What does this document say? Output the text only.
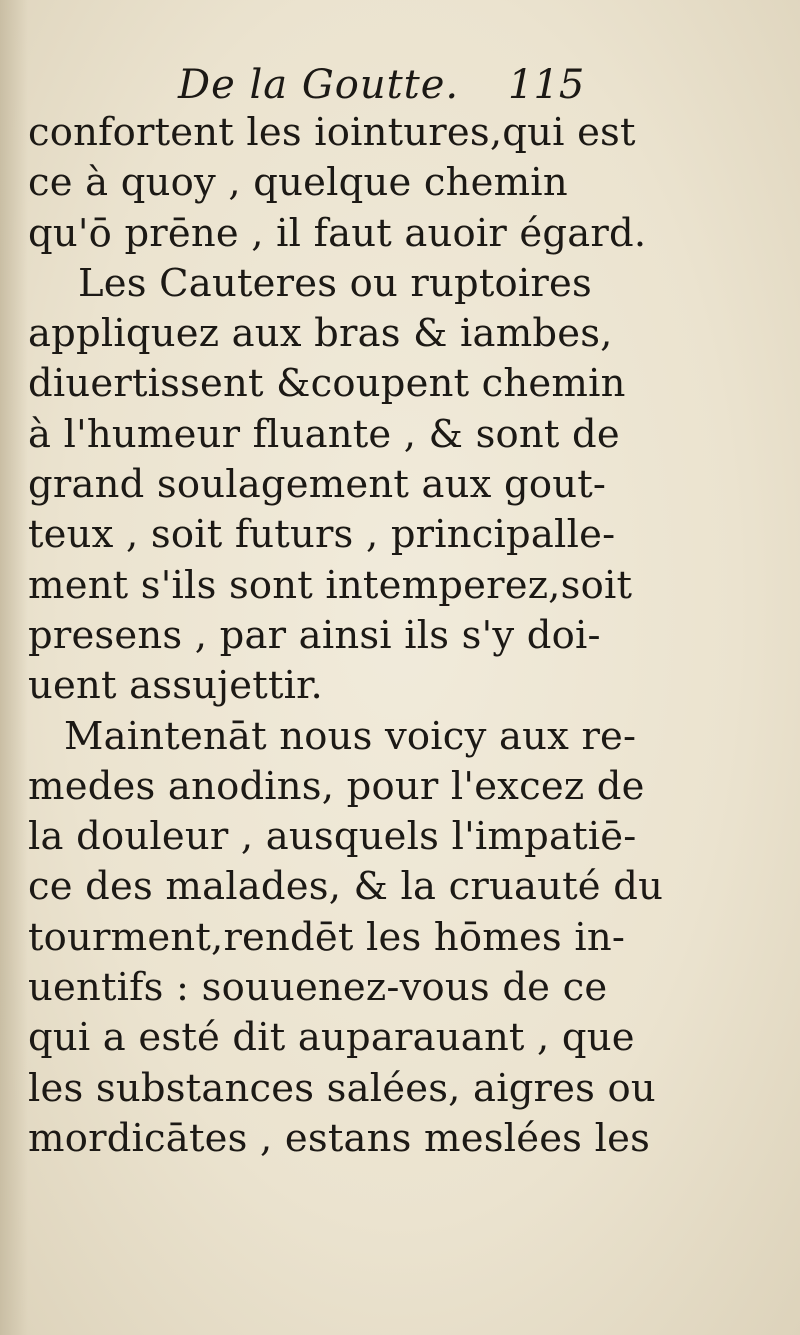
De la Goutte. 115
confortent les iointures,qui est
ce à quoy , quelque chemin
qu'ō prēne , il faut auoir égard.
Les Cauteres ou ruptoires
appliquez aux bras & iambes,
diuertissent &coupent chemin
à l'humeur fluante , & sont de
grand soulagement aux gout-
teux , soit futurs , principalle-
ment s'ils sont intemperez,soit
presens , par ainsi ils s'y doi-
uent assujettir.
Maintenāt nous voicy aux re-
medes anodins, pour l'excez de
la douleur , ausquels l'impatiē-
ce des malades, & la cruauté du
tourment,rendēt les hōmes in-
uentifs : souuenez-vous de ce
qui a esté dit auparauant , que
les substances salées, aigres ou
mordicātes , estans meslées les
